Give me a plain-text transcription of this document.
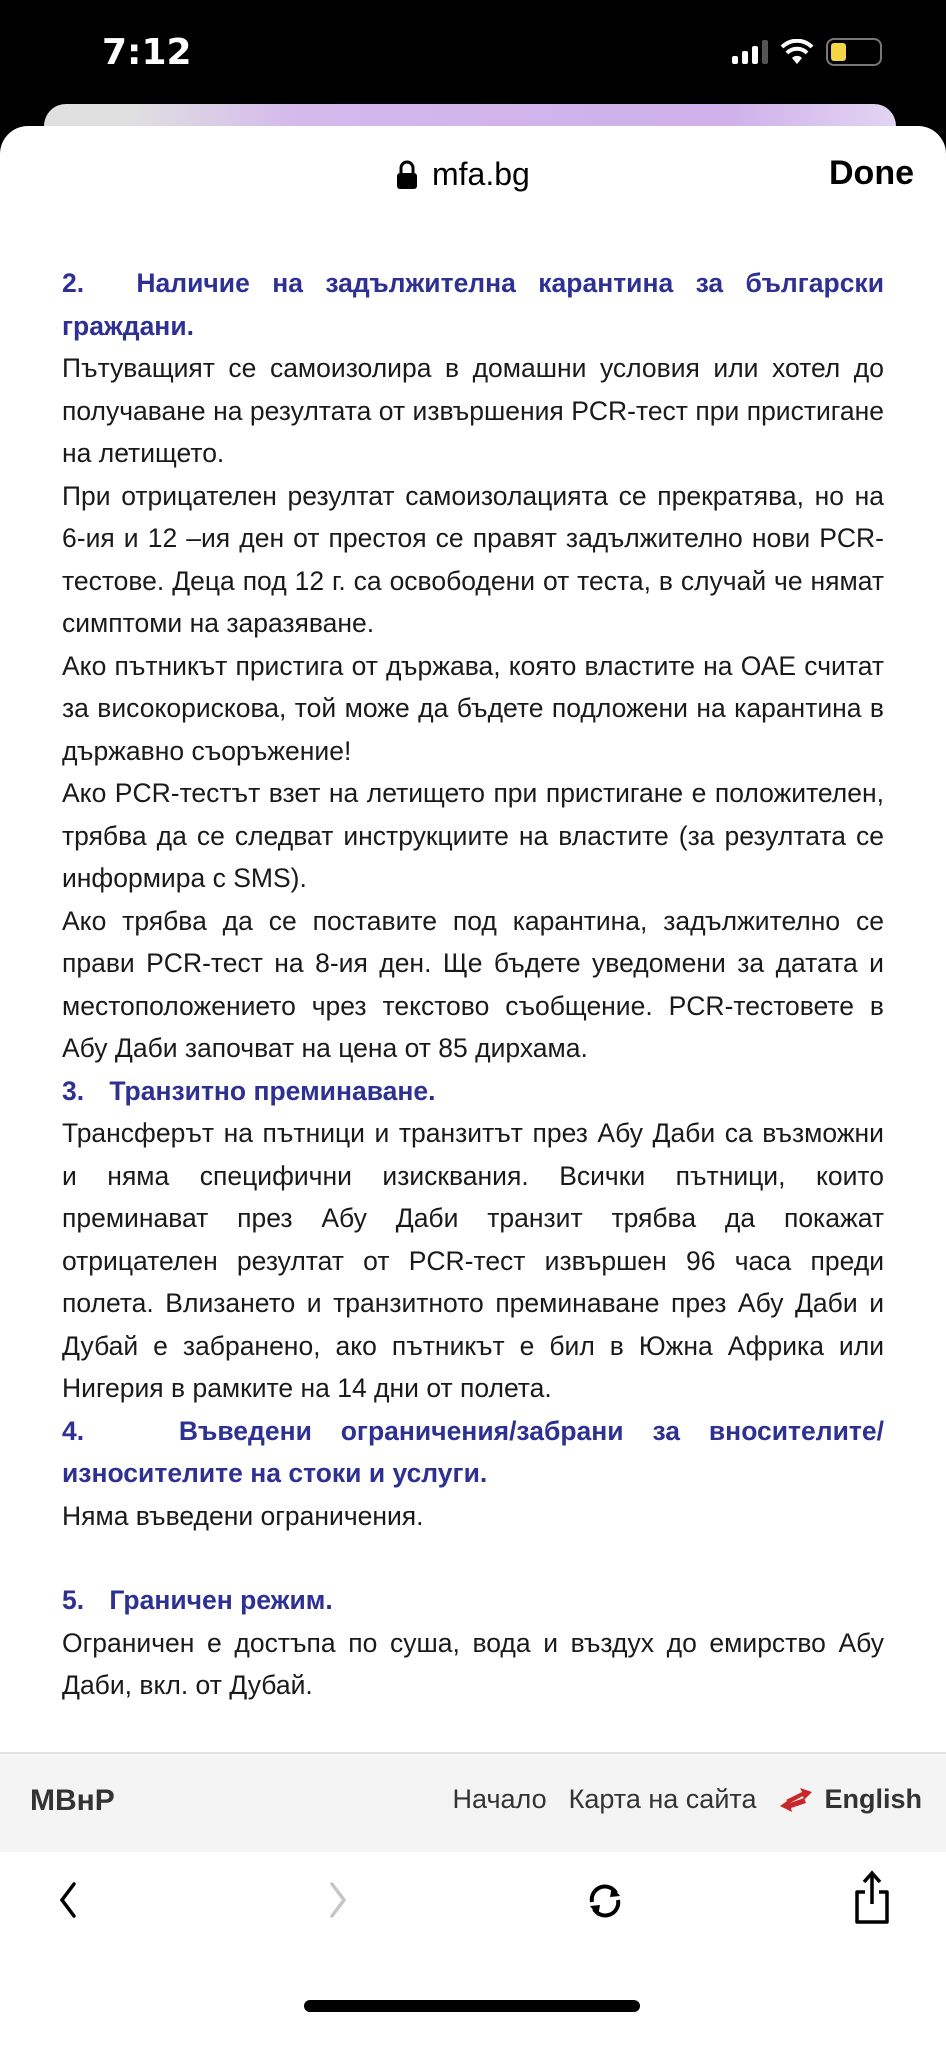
7:12
mfa.bg	Done

2. Наличие на задължителна карантина за български граждани.

Пътуващият се самоизолира в домашни условия или хотел до получаване на резултата от извършения PCR-тест при пристигане на летището.

При отрицателен резултат самоизолацията се прекратява, но на 6-ия и 12 –ия ден от престоя се правят задължително нови PCR-тестове. Деца под 12 г. са освободени от теста, в случай че нямат симптоми на заразяване.

Ако пътникът пристига от държава, която властите на ОАЕ считат за високорискова, той може да бъдете подложени на карантина в държавно съоръжение!

Ако PCR-тестът взет на летището при пристигане е положителен, трябва да се следват инструкциите на властите (за резултата се информира с SMS).

Ако трябва да се поставите под карантина, задължително се прави PCR-тест на 8-ия ден. Ще бъдете уведомени за датата и местоположението чрез текстово съобщение. PCR-тестовете в Абу Даби започват на цена от 85 дирхама.

3. Транзитно преминаване.

Трансферът на пътници и транзитът през Абу Даби са възможни и няма специфични изисквания. Всички пътници, които преминават през Абу Даби транзит трябва да покажат отрицателен резултат от PCR-тест извършен 96 часа преди полета. Влизането и транзитното преминаване през Абу Даби и Дубай е забранено, ако пътникът е бил в Южна Африка или Нигерия в рамките на 14 дни от полета.

4.	Въведени ограничения/забрани за вносителите/износителите на стоки и услуги.

Няма въведени ограничения.

5. Граничен режим.

Ограничен е достъпа по суша, вода и въздух до емирство Абу Даби, вкл. от Дубай.

МВнР	Начало Карта на сайта	English
